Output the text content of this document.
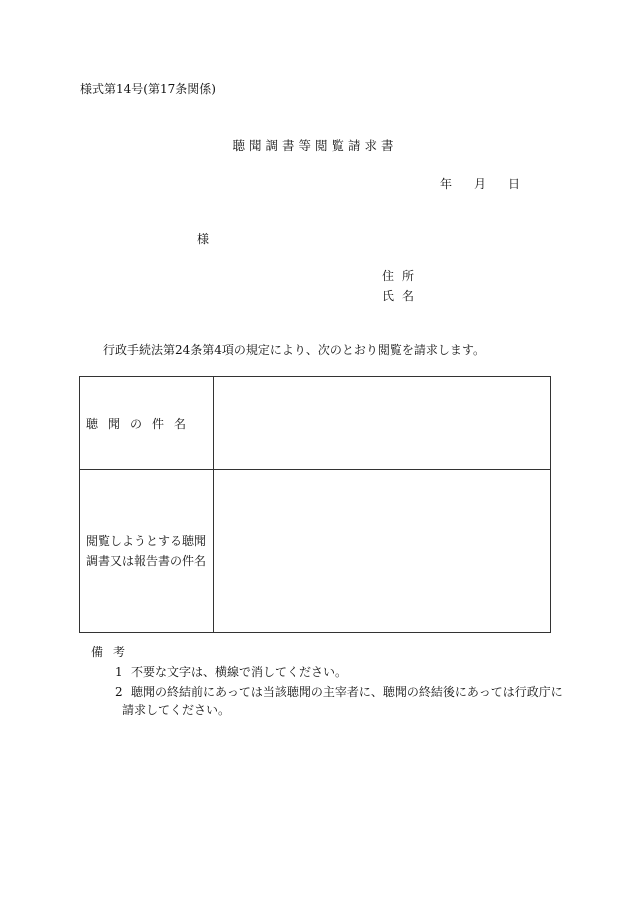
様式第14号(第17条関係)
聴聞調書等閲覧請求書
年 月 日
様
住所
氏名
行政手続法第24条第4項の規定により、次のとおり閲覧を請求します。
聴聞の件名	

閲覧しようとする聴聞
調書又は報告書の件名	

備考
1 不要な文字は、横線で消してください。
2 聴聞の終結前にあっては当該聴聞の主宰者に、聴聞の終結後にあっては行政庁に
請求してください。
